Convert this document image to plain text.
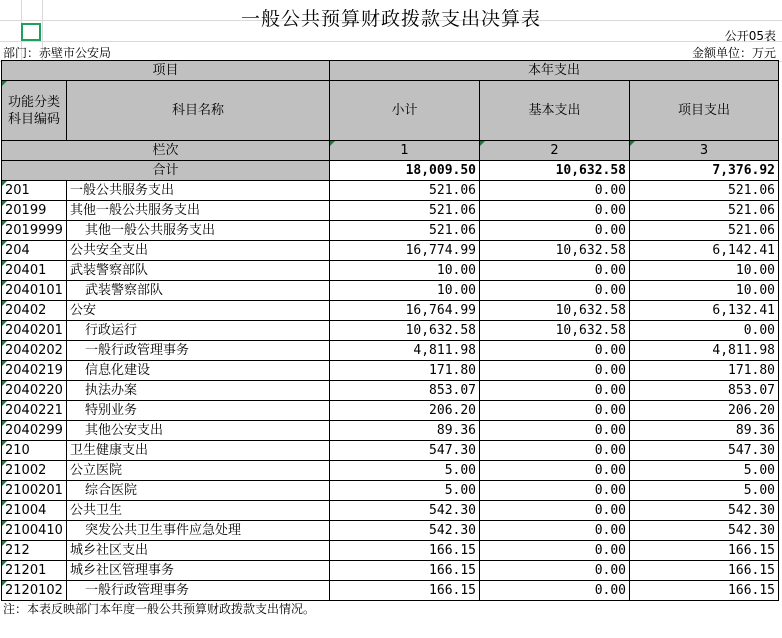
一般公共预算财政拨款支出决算表
公开05表
部门：赤壁市公安局	金额单位：万元
项目		本年支出		

功能分类科目编码	科目名称	小计	基本支出	项目支出
栏次		1	2	3
合计		18,009.50	10,632.58	7,376.92

201	一般公共服务支出	521.06	0.00	521.06

20199	其他一般公共服务支出	521.06	0.00	521.06

2019999	其他一般公共服务支出	521.06	0.00	521.06

204	公共安全支出	16,774.99	10,632.58	6,142.41

20401	武装警察部队	10.00	0.00	10.00

2040101	武装警察部队	10.00	0.00	10.00

20402	公安	16,764.99	10,632.58	6,132.41

2040201	行政运行	10,632.58	10,632.58	0.00

2040202	一般行政管理事务	4,811.98	0.00	4,811.98

2040219	信息化建设	171.80	0.00	171.80

2040220	执法办案	853.07	0.00	853.07

2040221	特别业务	206.20	0.00	206.20

2040299	其他公安支出	89.36	0.00	89.36

210	卫生健康支出	547.30	0.00	547.30

21002	公立医院	5.00	0.00	5.00

2100201	综合医院	5.00	0.00	5.00

21004	公共卫生	542.30	0.00	542.30

2100410	突发公共卫生事件应急处理	542.30	0.00	542.30

212	城乡社区支出	166.15	0.00	166.15

21201	城乡社区管理事务	166.15	0.00	166.15

2120102	一般行政管理事务	166.15	0.00	166.15
注：本表反映部门本年度一般公共预算财政拨款支出情况。
